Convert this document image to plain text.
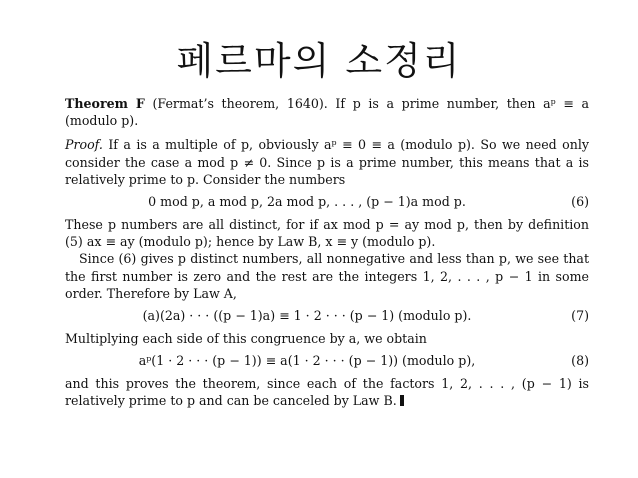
페르마의 소정리

Theorem F (Fermat’s theorem, 1640). If p is a prime number, then aᵖ ≡ a (modulo p).

Proof. If a is a multiple of p, obviously aᵖ ≡ 0 ≡ a (modulo p). So we need only consider the case a mod p ≠ 0. Since p is a prime number, this means that a is relatively prime to p. Consider the numbers

0 mod p, a mod p, 2a mod p, . . . , (p − 1)a mod p.	(6)

These p numbers are all distinct, for if ax mod p = ay mod p, then by definition (5) ax ≡ ay (modulo p); hence by Law B, x ≡ y (modulo p).

Since (6) gives p distinct numbers, all nonnegative and less than p, we see that the first number is zero and the rest are the integers 1, 2, . . . , p − 1 in some order. Therefore by Law A,

(a)(2a) · · · ((p − 1)a) ≡ 1 · 2 · · · (p − 1) (modulo p).	(7)

Multiplying each side of this congruence by a, we obtain

aᵖ(1 · 2 · · · (p − 1)) ≡ a(1 · 2 · · · (p − 1)) (modulo p),	(8)

and this proves the theorem, since each of the factors 1, 2, . . . , (p − 1) is relatively prime to p and can be canceled by Law B.
